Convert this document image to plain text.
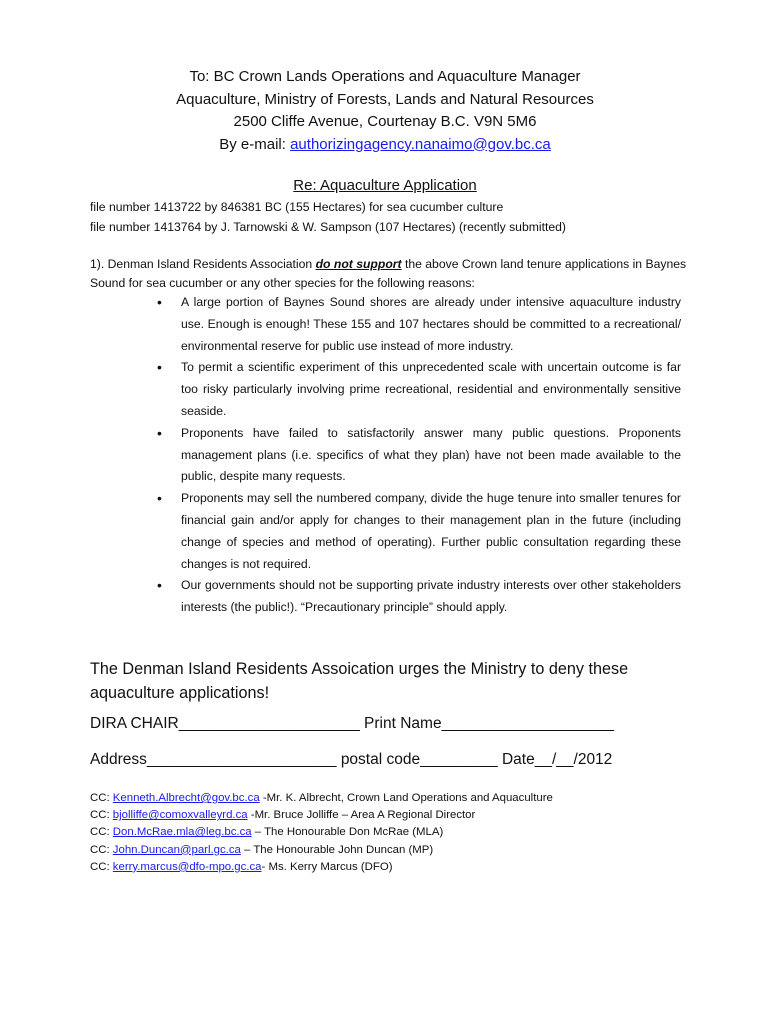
To: BC Crown Lands Operations and Aquaculture Manager
Aquaculture, Ministry of Forests, Lands and Natural Resources
2500 Cliffe Avenue, Courtenay B.C. V9N 5M6
By e-mail: authorizingagency.nanaimo@gov.bc.ca
Re: Aquaculture Application
file number 1413722 by 846381 BC (155 Hectares) for sea cucumber culture
file number 1413764 by J. Tarnowski & W. Sampson (107 Hectares) (recently submitted)
1). Denman Island Residents Association do not support the above Crown land tenure applications in Baynes Sound for sea cucumber or any other species for the following reasons:
• A large portion of Baynes Sound shores are already under intensive aquaculture industry use. Enough is enough! These 155 and 107 hectares should be committed to a recreational/ environmental reserve for public use instead of more industry.
• To permit a scientific experiment of this unprecedented scale with uncertain outcome is far too risky particularly involving prime recreational, residential and environmentally sensitive seaside.
• Proponents have failed to satisfactorily answer many public questions. Proponents management plans (i.e. specifics of what they plan) have not been made available to the public, despite many requests.
• Proponents may sell the numbered company, divide the huge tenure into smaller tenures for financial gain and/or apply for changes to their management plan in the future (including change of species and method of operating). Further public consultation regarding these changes is not required.
• Our governments should not be supporting private industry interests over other stakeholders interests (the public!). “Precautionary principle” should apply.
The Denman Island Residents Assoication urges the Ministry to deny these aquaculture applications!
DIRA CHAIR_____________________ Print Name____________________
Address______________________ postal code_________ Date__/__/2012
CC: Kenneth.Albrecht@gov.bc.ca -Mr. K. Albrecht, Crown Land Operations and Aquaculture
CC: bjolliffe@comoxvalleyrd.ca -Mr. Bruce Jolliffe – Area A Regional Director
CC: Don.McRae.mla@leg.bc.ca – The Honourable Don McRae (MLA)
CC: John.Duncan@parl.gc.ca – The Honourable John Duncan (MP)
CC: kerry.marcus@dfo-mpo.gc.ca- Ms. Kerry Marcus (DFO)
